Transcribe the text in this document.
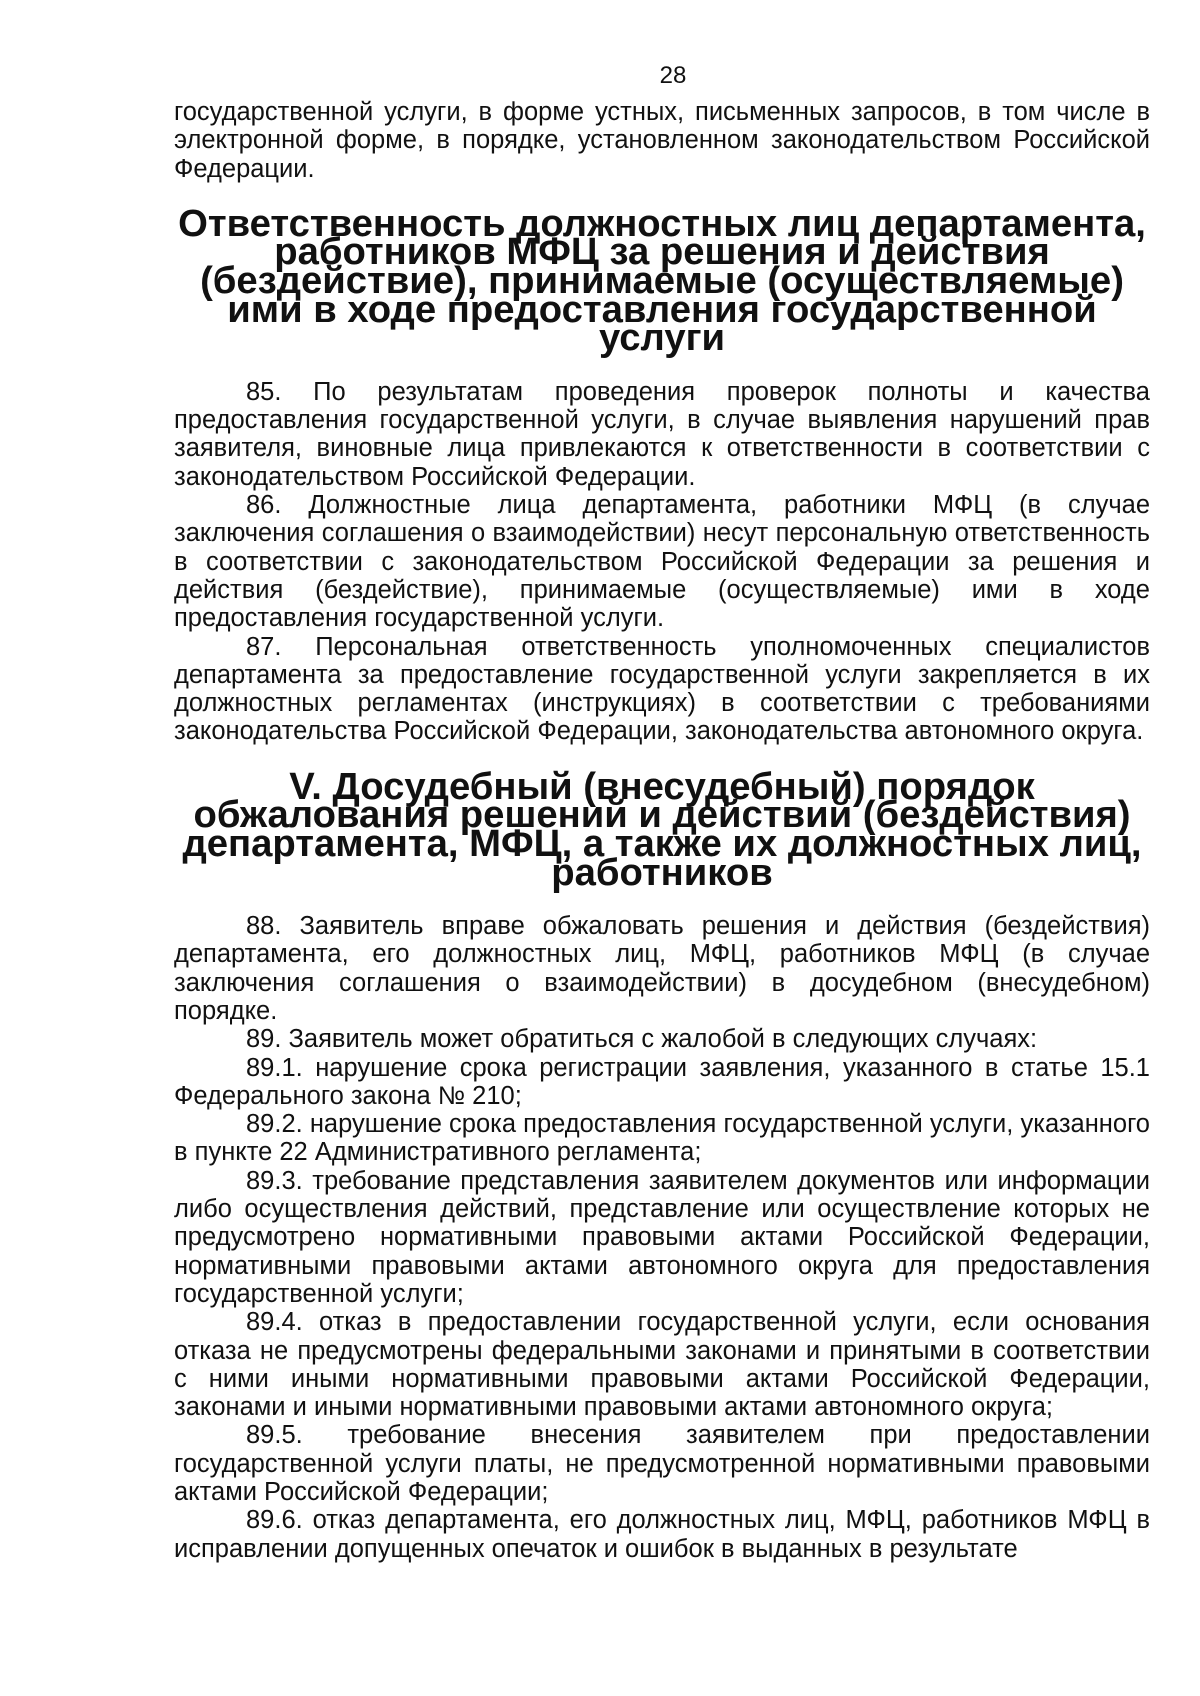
28

государственной услуги, в форме устных, письменных запросов, в том числе в электронной форме, в порядке, установленном законодательством Российской Федерации.

Ответственность должностных лиц департамента, работников МФЦ за решения и действия (бездействие), принимаемые (осуществляемые) ими в ходе предоставления государственной услуги

85. По результатам проведения проверок полноты и качества предоставления государственной услуги, в случае выявления нарушений прав заявителя, виновные лица привлекаются к ответственности в соответствии с законодательством Российской Федерации.

86. Должностные лица департамента, работники МФЦ (в случае заключения соглашения о взаимодействии) несут персональную ответственность в соответствии с законодательством Российской Федерации за решения и действия (бездействие), принимаемые (осуществляемые) ими в ходе предоставления государственной услуги.

87. Персональная ответственность уполномоченных специалистов департамента за предоставление государственной услуги закрепляется в их должностных регламентах (инструкциях) в соответствии с требованиями законодательства Российской Федерации, законодательства автономного округа.

V. Досудебный (внесудебный) порядок обжалования решений и действий (бездействия) департамента, МФЦ, а также их должностных лиц, работников

88. Заявитель вправе обжаловать решения и действия (бездействия) департамента, его должностных лиц, МФЦ, работников МФЦ (в случае заключения соглашения о взаимодействии) в досудебном (внесудебном) порядке.

89. Заявитель может обратиться с жалобой в следующих случаях:

89.1. нарушение срока регистрации заявления, указанного в статье 15.1 Федерального закона № 210;

89.2. нарушение срока предоставления государственной услуги, указанного в пункте 22 Административного регламента;

89.3. требование представления заявителем документов или информации либо осуществления действий, представление или осуществление которых не предусмотрено нормативными правовыми актами Российской Федерации, нормативными правовыми актами автономного округа для предоставления государственной услуги;

89.4. отказ в предоставлении государственной услуги, если основания отказа не предусмотрены федеральными законами и принятыми в соответствии с ними иными нормативными правовыми актами Российской Федерации, законами и иными нормативными правовыми актами автономного округа;

89.5. требование внесения заявителем при предоставлении государственной услуги платы, не предусмотренной нормативными правовыми актами Российской Федерации;

89.6. отказ департамента, его должностных лиц, МФЦ, работников МФЦ в исправлении допущенных опечаток и ошибок в выданных в результате
